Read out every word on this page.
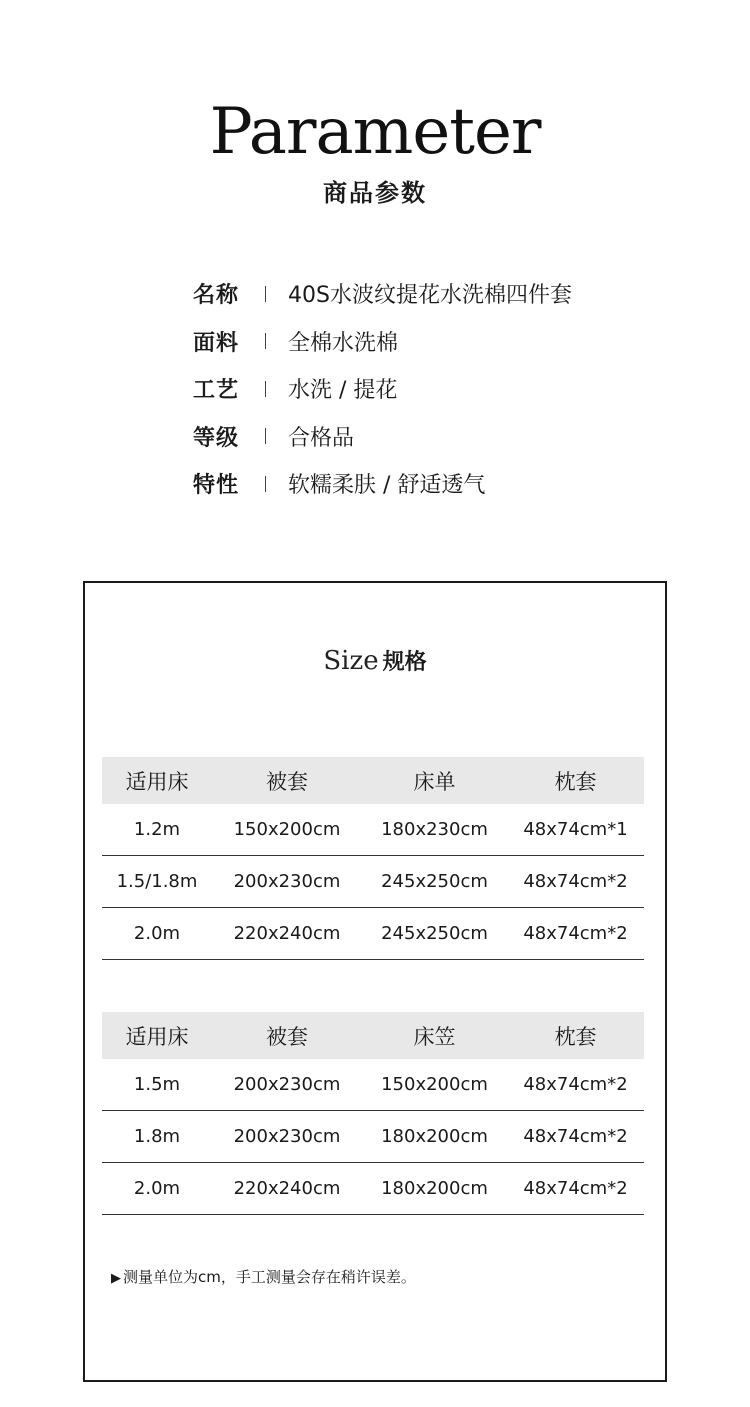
Parameter
商品参数
名称	40S水波纹提花水洗棉四件套
面料	全棉水洗棉
工艺	水洗 / 提花
等级	合格品
特性	软糯柔肤 / 舒适透气
Size 规格
适用床	被套	床单	枕套
1.2m	150x200cm	180x230cm	48x74cm*1
1.5/1.8m	200x230cm	245x250cm	48x74cm*2
2.0m	220x240cm	245x250cm	48x74cm*2
适用床	被套	床笠	枕套
1.5m	200x230cm	150x200cm	48x74cm*2
1.8m	200x230cm	180x200cm	48x74cm*2
2.0m	220x240cm	180x200cm	48x74cm*2
▶ 测量单位为cm，手工测量会存在稍许误差。
